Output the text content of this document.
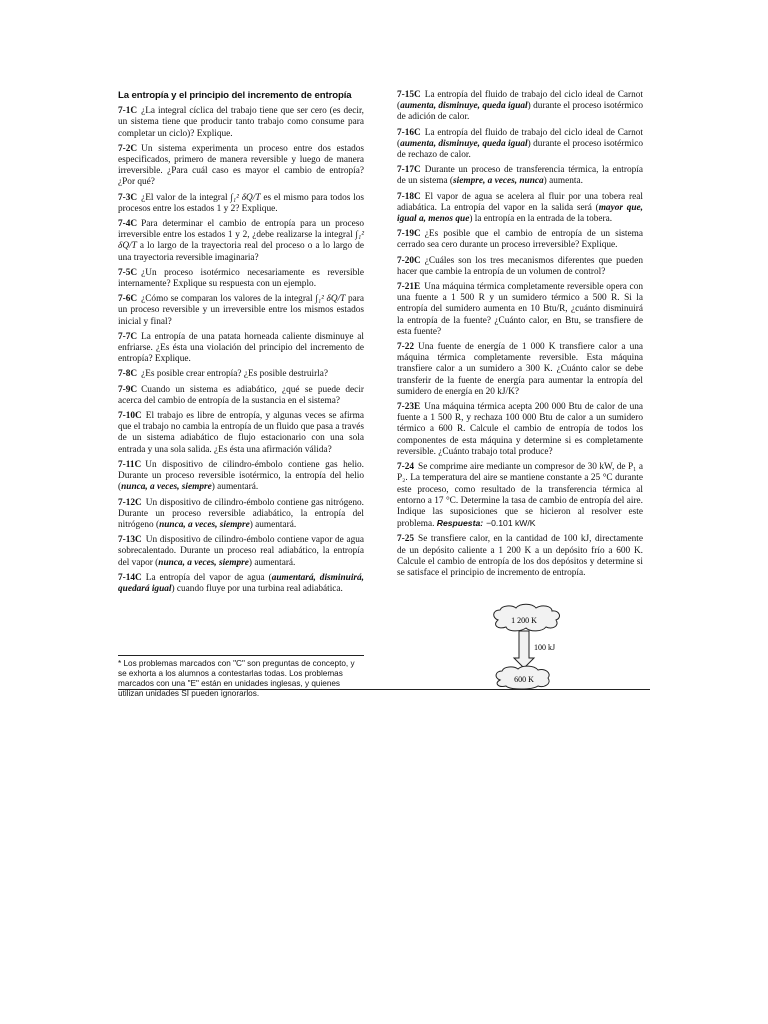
La entropía y el principio del incremento de entropía

7-1C ¿La integral cíclica del trabajo tiene que ser cero (es decir, un sistema tiene que producir tanto trabajo como consume para completar un ciclo)? Explique.

7-2C Un sistema experimenta un proceso entre dos estados especificados, primero de manera reversible y luego de manera irreversible. ¿Para cuál caso es mayor el cambio de entropía? ¿Por qué?

7-3C ¿El valor de la integral ∫₁² δQ/T es el mismo para todos los procesos entre los estados 1 y 2? Explique.

7-4C Para determinar el cambio de entropía para un proceso irreversible entre los estados 1 y 2, ¿debe realizarse la integral ∫₁² δQ/T a lo largo de la trayectoria real del proceso o a lo largo de una trayectoria reversible imaginaria?

7-5C ¿Un proceso isotérmico necesariamente es reversible internamente? Explique su respuesta con un ejemplo.

7-6C ¿Cómo se comparan los valores de la integral ∫₁² δQ/T para un proceso reversible y un irreversible entre los mismos estados inicial y final?

7-7C La entropía de una patata horneada caliente disminuye al enfriarse. ¿Es ésta una violación del principio del incremento de entropía? Explique.

7-8C ¿Es posible crear entropía? ¿Es posible destruirla?

7-9C Cuando un sistema es adiabático, ¿qué se puede decir acerca del cambio de entropía de la sustancia en el sistema?

7-10C El trabajo es libre de entropía, y algunas veces se afirma que el trabajo no cambia la entropía de un fluido que pasa a través de un sistema adiabático de flujo estacionario con una sola entrada y una sola salida. ¿Es ésta una afirmación válida?

7-11C Un dispositivo de cilindro-émbolo contiene gas helio. Durante un proceso reversible isotérmico, la entropía del helio (nunca, a veces, siempre) aumentará.

7-12C Un dispositivo de cilindro-émbolo contiene gas nitrógeno. Durante un proceso reversible adiabático, la entropía del nitrógeno (nunca, a veces, siempre) aumentará.

7-13C Un dispositivo de cilindro-émbolo contiene vapor de agua sobrecalentado. Durante un proceso real adiabático, la entropía del vapor (nunca, a veces, siempre) aumentará.

7-14C La entropía del vapor de agua (aumentará, disminuirá, quedará igual) cuando fluye por una turbina real adiabática.

* Los problemas marcados con "C" son preguntas de concepto, y se exhorta a los alumnos a contestarlas todas. Los problemas marcados con una "E" están en unidades inglesas, y quienes utilizan unidades SI pueden ignorarlos.

7-15C La entropía del fluido de trabajo del ciclo ideal de Carnot (aumenta, disminuye, queda igual) durante el proceso isotérmico de adición de calor.

7-16C La entropía del fluido de trabajo del ciclo ideal de Carnot (aumenta, disminuye, queda igual) durante el proceso isotérmico de rechazo de calor.

7-17C Durante un proceso de transferencia térmica, la entropía de un sistema (siempre, a veces, nunca) aumenta.

7-18C El vapor de agua se acelera al fluir por una tobera real adiabática. La entropía del vapor en la salida será (mayor que, igual a, menos que) la entropía en la entrada de la tobera.

7-19C ¿Es posible que el cambio de entropía de un sistema cerrado sea cero durante un proceso irreversible? Explique.

7-20C ¿Cuáles son los tres mecanismos diferentes que pueden hacer que cambie la entropía de un volumen de control?

7-21E Una máquina térmica completamente reversible opera con una fuente a 1 500 R y un sumidero térmico a 500 R. Si la entropía del sumidero aumenta en 10 Btu/R, ¿cuánto disminuirá la entropía de la fuente? ¿Cuánto calor, en Btu, se transfiere de esta fuente?

7-22 Una fuente de energía de 1 000 K transfiere calor a una máquina térmica completamente reversible. Esta máquina transfiere calor a un sumidero a 300 K. ¿Cuánto calor se debe transferir de la fuente de energía para aumentar la entropía del sumidero de energía en 20 kJ/K?

7-23E Una máquina térmica acepta 200 000 Btu de calor de una fuente a 1 500 R, y rechaza 100 000 Btu de calor a un sumidero térmico a 600 R. Calcule el cambio de entropía de todos los componentes de esta máquina y determine si es completamente reversible. ¿Cuánto trabajo total produce?

7-24 Se comprime aire mediante un compresor de 30 kW, de P₁ a P₂. La temperatura del aire se mantiene constante a 25 °C durante este proceso, como resultado de la transferencia térmica al entorno a 17 °C. Determine la tasa de cambio de entropía del aire. Indique las suposiciones que se hicieron al resolver este problema. Respuesta: −0.101 kW/K

7-25 Se transfiere calor, en la cantidad de 100 kJ, directamente de un depósito caliente a 1 200 K a un depósito frío a 600 K. Calcule el cambio de entropía de los dos depósitos y determine si se satisface el principio de incremento de entropía.

1 200 K
100 kJ
600 K
